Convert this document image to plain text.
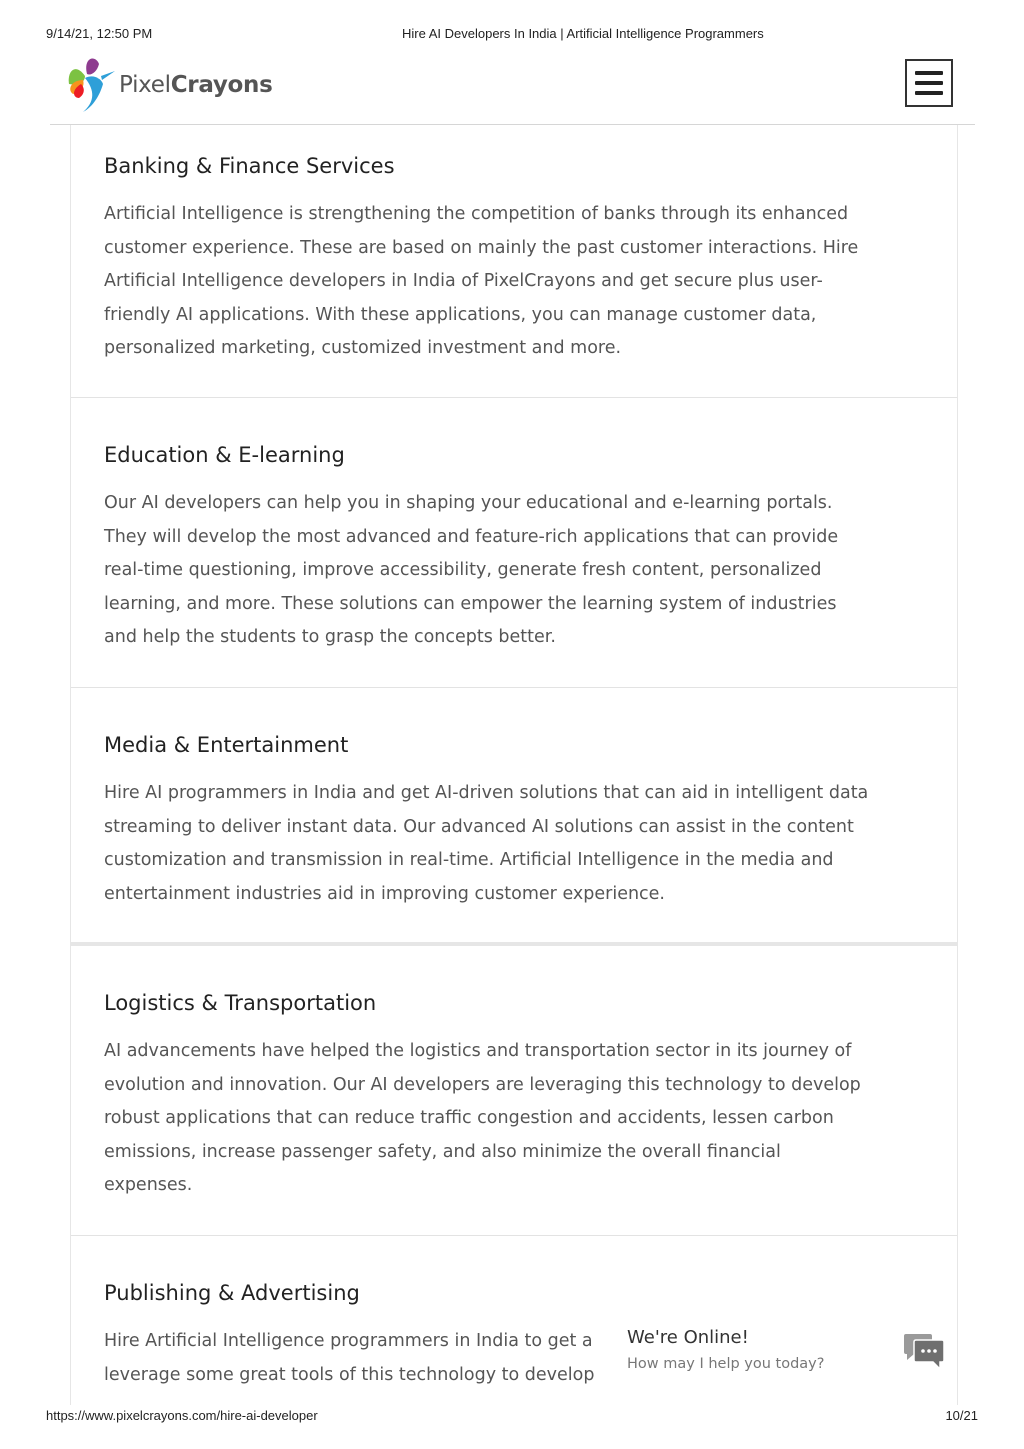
9/14/21, 12:50 PM	Hire AI Developers In India | Artificial Intelligence Programmers
PixelCrayons
Banking & Finance Services

Artificial Intelligence is strengthening the competition of banks through its enhanced customer experience. These are based on mainly the past customer interactions. Hire Artificial Intelligence developers in India of PixelCrayons and get secure plus user-friendly AI applications. With these applications, you can manage customer data, personalized marketing, customized investment and more.

Education & E-learning

Our AI developers can help you in shaping your educational and e-learning portals. They will develop the most advanced and feature-rich applications that can provide real-time questioning, improve accessibility, generate fresh content, personalized learning, and more. These solutions can empower the learning system of industries and help the students to grasp the concepts better.

Media & Entertainment

Hire AI programmers in India and get AI-driven solutions that can aid in intelligent data streaming to deliver instant data. Our advanced AI solutions can assist in the content customization and transmission in real-time. Artificial Intelligence in the media and entertainment industries aid in improving customer experience.

Logistics & Transportation

AI advancements have helped the logistics and transportation sector in its journey of evolution and innovation. Our AI developers are leveraging this technology to develop robust applications that can reduce traffic congestion and accidents, lessen carbon emissions, increase passenger safety, and also minimize the overall financial expenses.

Publishing & Advertising

Hire Artificial Intelligence programmers in India to get a leverage some great tools of this technology to develop

We're Online!
How may I help you today?
https://www.pixelcrayons.com/hire-ai-developer	10/21
